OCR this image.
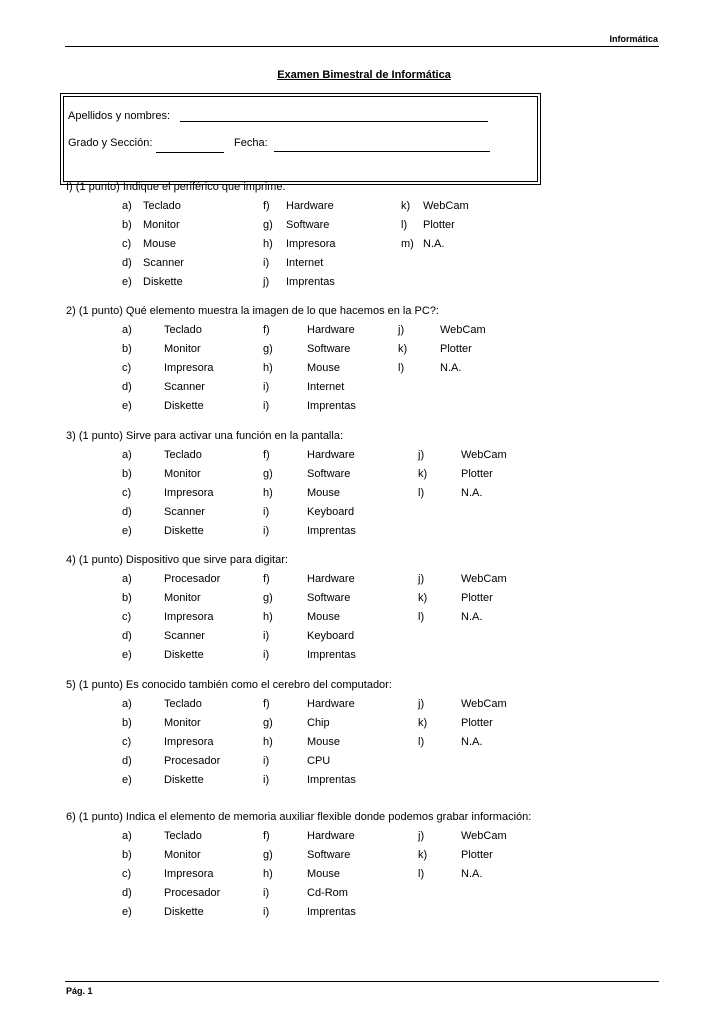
Informática
Examen Bimestral de Informática
Apellidos y nombres:
Grado y Sección:	Fecha:
I) (1 punto) Indique el periférico que imprime:
a) Teclado	f) Hardware	k) WebCam
b) Monitor	g) Software	l) Plotter
c) Mouse	h) Impresora	m) N.A.
d) Scanner	i) Internet
e) Diskette	j) Imprentas
2) (1 punto) Qué elemento muestra la imagen de lo que hacemos en la PC?:
a)	Teclado	f)	Hardware	j)	WebCam
b)	Monitor	g)	Software	k)	Plotter
c)	Impresora	h)	Mouse	l)	N.A.
d)	Scanner	i)	Internet
e)	Diskette	i)	Imprentas
3) (1 punto) Sirve para activar una función en la pantalla:
a)	Teclado	f)	Hardware	j)	WebCam
b)	Monitor	g)	Software	k)	Plotter
c)	Impresora	h)	Mouse	l)	N.A.
d)	Scanner	i)	Keyboard
e)	Diskette	i)	Imprentas
4) (1 punto) Dispositivo que sirve para digitar:
a)	Procesador	f)	Hardware	j)	WebCam
b)	Monitor	g)	Software	k)	Plotter
c)	Impresora	h)	Mouse	l)	N.A.
d)	Scanner	i)	Keyboard
e)	Diskette	i)	Imprentas
5) (1 punto) Es conocido también como el cerebro del computador:
a)	Teclado	f)	Hardware	j)	WebCam
b)	Monitor	g)	Chip	k)	Plotter
c)	Impresora	h)	Mouse	l)	N.A.
d)	Procesador	i)	CPU
e)	Diskette	i)	Imprentas
6) (1 punto) Indica el elemento de memoria auxiliar flexible donde podemos grabar información:
a)	Teclado	f)	Hardware	j)	WebCam
b)	Monitor	g)	Software	k)	Plotter
c)	Impresora	h)	Mouse	l)	N.A.
d)	Procesador	i)	Cd-Rom
e)	Diskette	i)	Imprentas
Pág. 1
